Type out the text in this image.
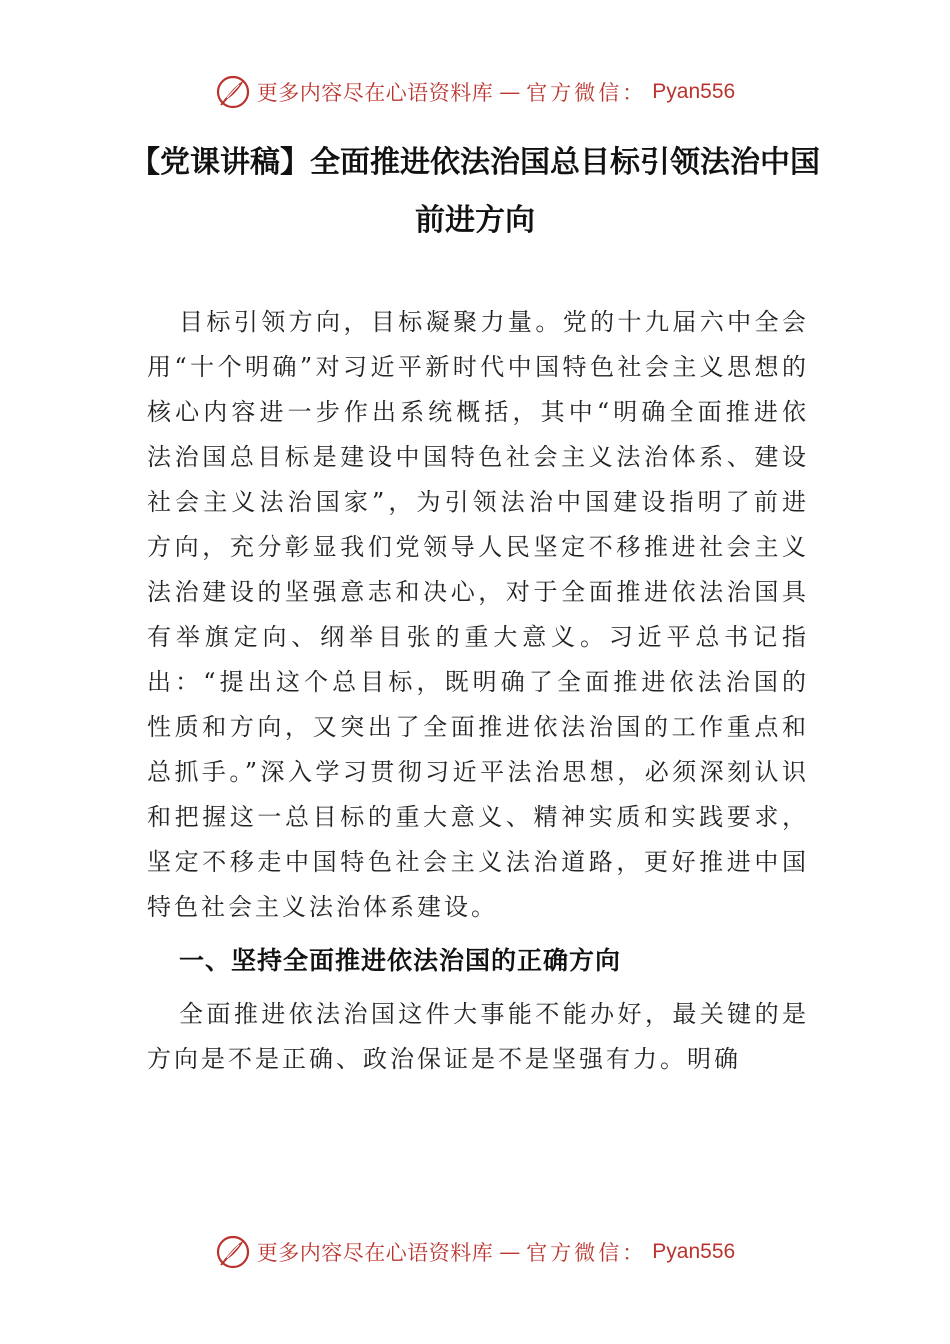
更多内容尽在心语资料库 — 官方微信： Pyan556
【党课讲稿】全面推进依法治国总目标引领法治中国前进方向

目标引领方向，目标凝聚力量。党的十九届六中全会用“十个明确”对习近平新时代中国特色社会主义思想的核心内容进一步作出系统概括，其中“明确全面推进依法治国总目标是建设中国特色社会主义法治体系、建设社会主义法治国家”，为引领法治中国建设指明了前进方向，充分彰显我们党领导人民坚定不移推进社会主义法治建设的坚强意志和决心，对于全面推进依法治国具有举旗定向、纲举目张的重大意义。习近平总书记指出：“提出这个总目标，既明确了全面推进依法治国的性质和方向，又突出了全面推进依法治国的工作重点和总抓手。”深入学习贯彻习近平法治思想，必须深刻认识和把握这一总目标的重大意义、精神实质和实践要求，坚定不移走中国特色社会主义法治道路，更好推进中国特色社会主义法治体系建设。

一、坚持全面推进依法治国的正确方向

全面推进依法治国这件大事能不能办好，最关键的是方向是不是正确、政治保证是不是坚强有力。明确

更多内容尽在心语资料库 — 官方微信： Pyan556
